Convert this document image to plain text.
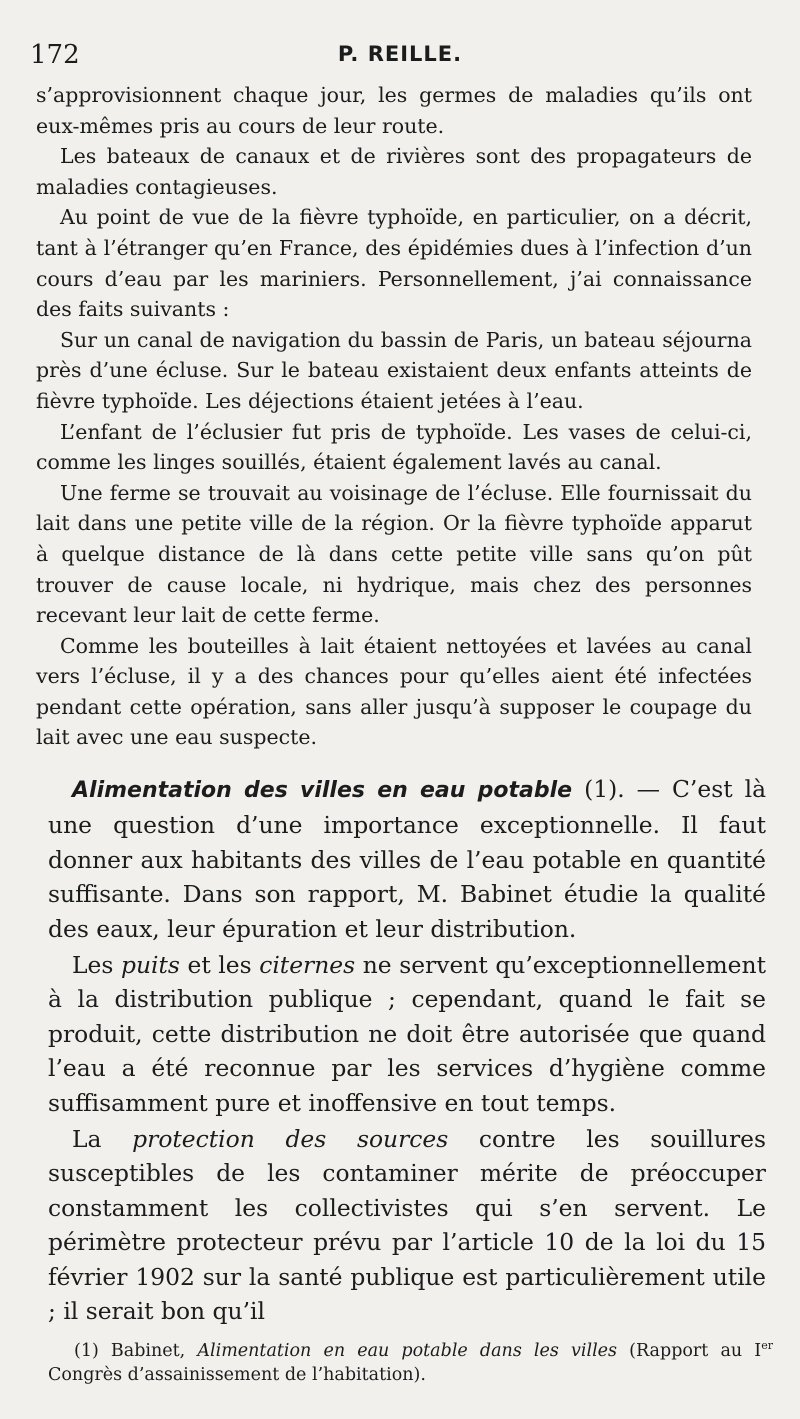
172	P. REILLE.

s’approvisionnent chaque jour, les germes de maladies qu’ils ont eux-mêmes pris au cours de leur route.

Les bateaux de canaux et de rivières sont des propagateurs de maladies contagieuses.

Au point de vue de la fièvre typhoïde, en particulier, on a décrit, tant à l’étranger qu’en France, des épidémies dues à l’infection d’un cours d’eau par les mariniers. Personnellement, j’ai connaissance des faits suivants :

Sur un canal de navigation du bassin de Paris, un bateau séjourna près d’une écluse. Sur le bateau existaient deux enfants atteints de fièvre typhoïde. Les déjections étaient jetées à l’eau.

L’enfant de l’éclusier fut pris de typhoïde. Les vases de celui-ci, comme les linges souillés, étaient également lavés au canal.

Une ferme se trouvait au voisinage de l’écluse. Elle fournissait du lait dans une petite ville de la région. Or la fièvre typhoïde apparut à quelque distance de là dans cette petite ville sans qu’on pût trouver de cause locale, ni hydrique, mais chez des personnes recevant leur lait de cette ferme.

Comme les bouteilles à lait étaient nettoyées et lavées au canal vers l’écluse, il y a des chances pour qu’elles aient été infectées pendant cette opération, sans aller jusqu’à supposer le coupage du lait avec une eau suspecte.

Alimentation des villes en eau potable (1). — C’est là une question d’une importance exceptionnelle. Il faut donner aux habitants des villes de l’eau potable en quantité suffisante. Dans son rapport, M. Babinet étudie la qualité des eaux, leur épuration et leur distribution.

Les puits et les citernes ne servent qu’exceptionnellement à la distribution publique ; cependant, quand le fait se produit, cette distribution ne doit être autorisée que quand l’eau a été reconnue par les services d’hygiène comme suffisamment pure et inoffensive en tout temps.

La protection des sources contre les souillures susceptibles de les contaminer mérite de préoccuper constamment les collectivistes qui s’en servent. Le périmètre protecteur prévu par l’article 10 de la loi du 15 février 1902 sur la santé publique est particulièrement utile ; il serait bon qu’il

(1) Babinet, Alimentation en eau potable dans les villes (Rapport au Ier Congrès d’assainissement de l’habitation).
